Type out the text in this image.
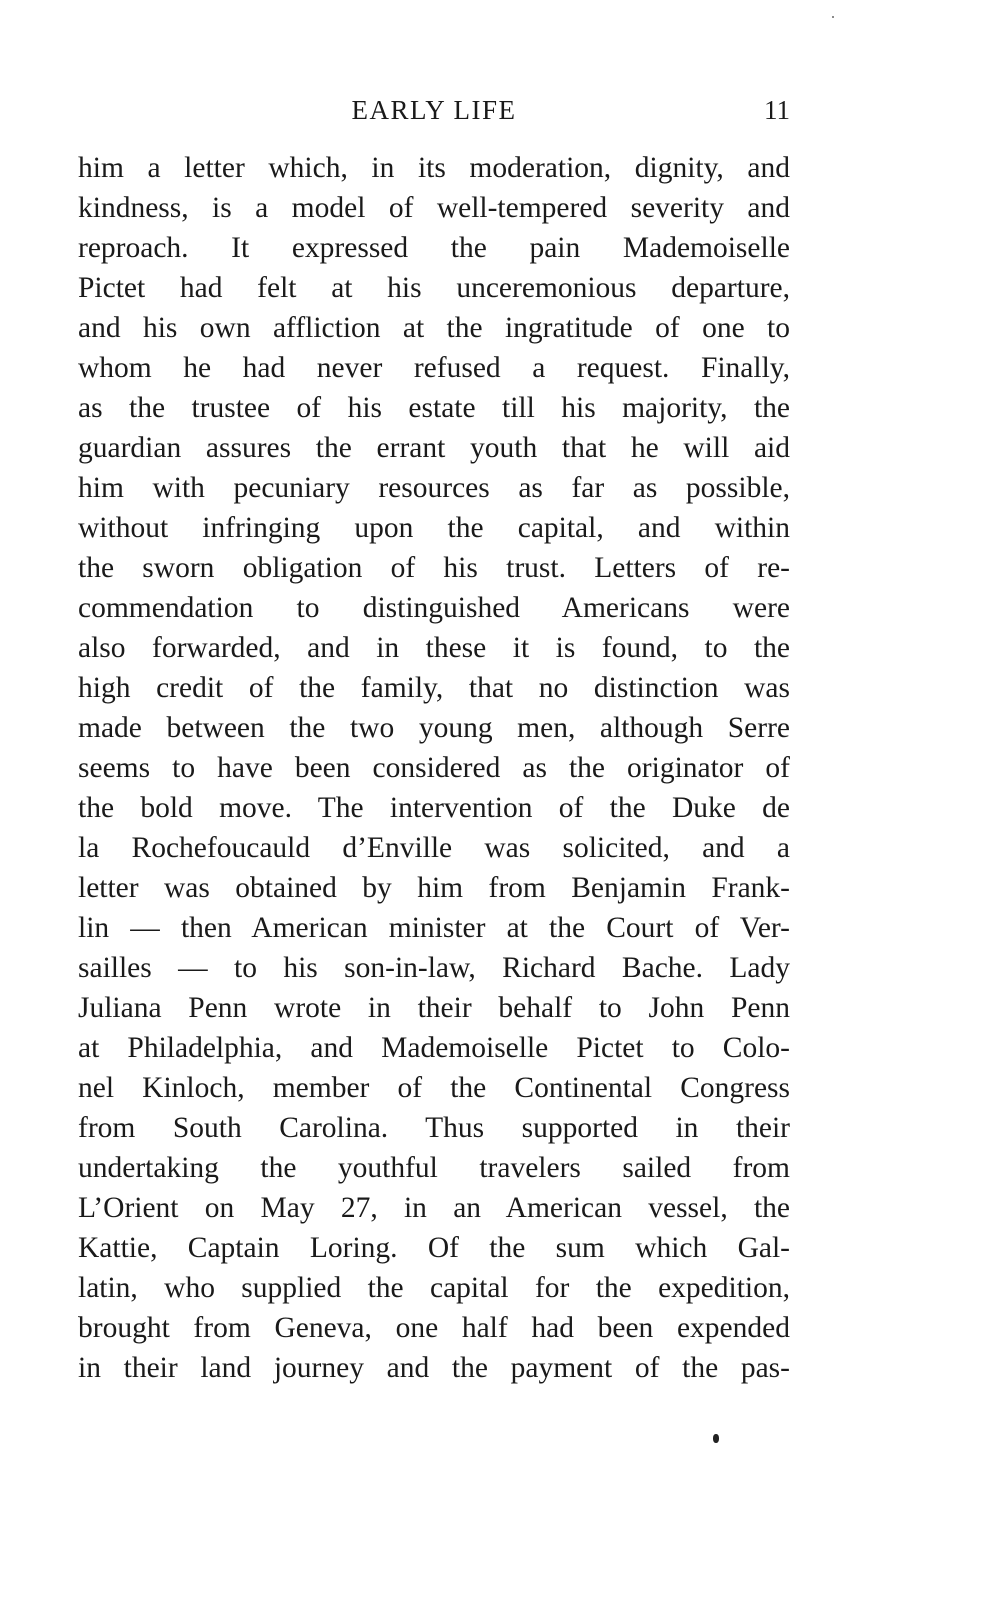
EARLY LIFE	11
him a letter which, in its moderation, dignity, and
kindness, is a model of well-tempered severity and
reproach. It expressed the pain Mademoiselle
Pictet had felt at his unceremonious departure,
and his own affliction at the ingratitude of one to
whom he had never refused a request. Finally,
as the trustee of his estate till his majority, the
guardian assures the errant youth that he will aid
him with pecuniary resources as far as possible,
without infringing upon the capital, and within
the sworn obligation of his trust. Letters of re-
commendation to distinguished Americans were
also forwarded, and in these it is found, to the
high credit of the family, that no distinction was
made between the two young men, although Serre
seems to have been considered as the originator of
the bold move. The intervention of the Duke de
la Rochefoucauld d’Enville was solicited, and a
letter was obtained by him from Benjamin Frank-
lin — then American minister at the Court of Ver-
sailles — to his son-in-law, Richard Bache. Lady
Juliana Penn wrote in their behalf to John Penn
at Philadelphia, and Mademoiselle Pictet to Colo-
nel Kinloch, member of the Continental Congress
from South Carolina. Thus supported in their
undertaking the youthful travelers sailed from
L’Orient on May 27, in an American vessel, the
Kattie, Captain Loring. Of the sum which Gal-
latin, who supplied the capital for the expedition,
brought from Geneva, one half had been expended
in their land journey and the payment of the pas-
